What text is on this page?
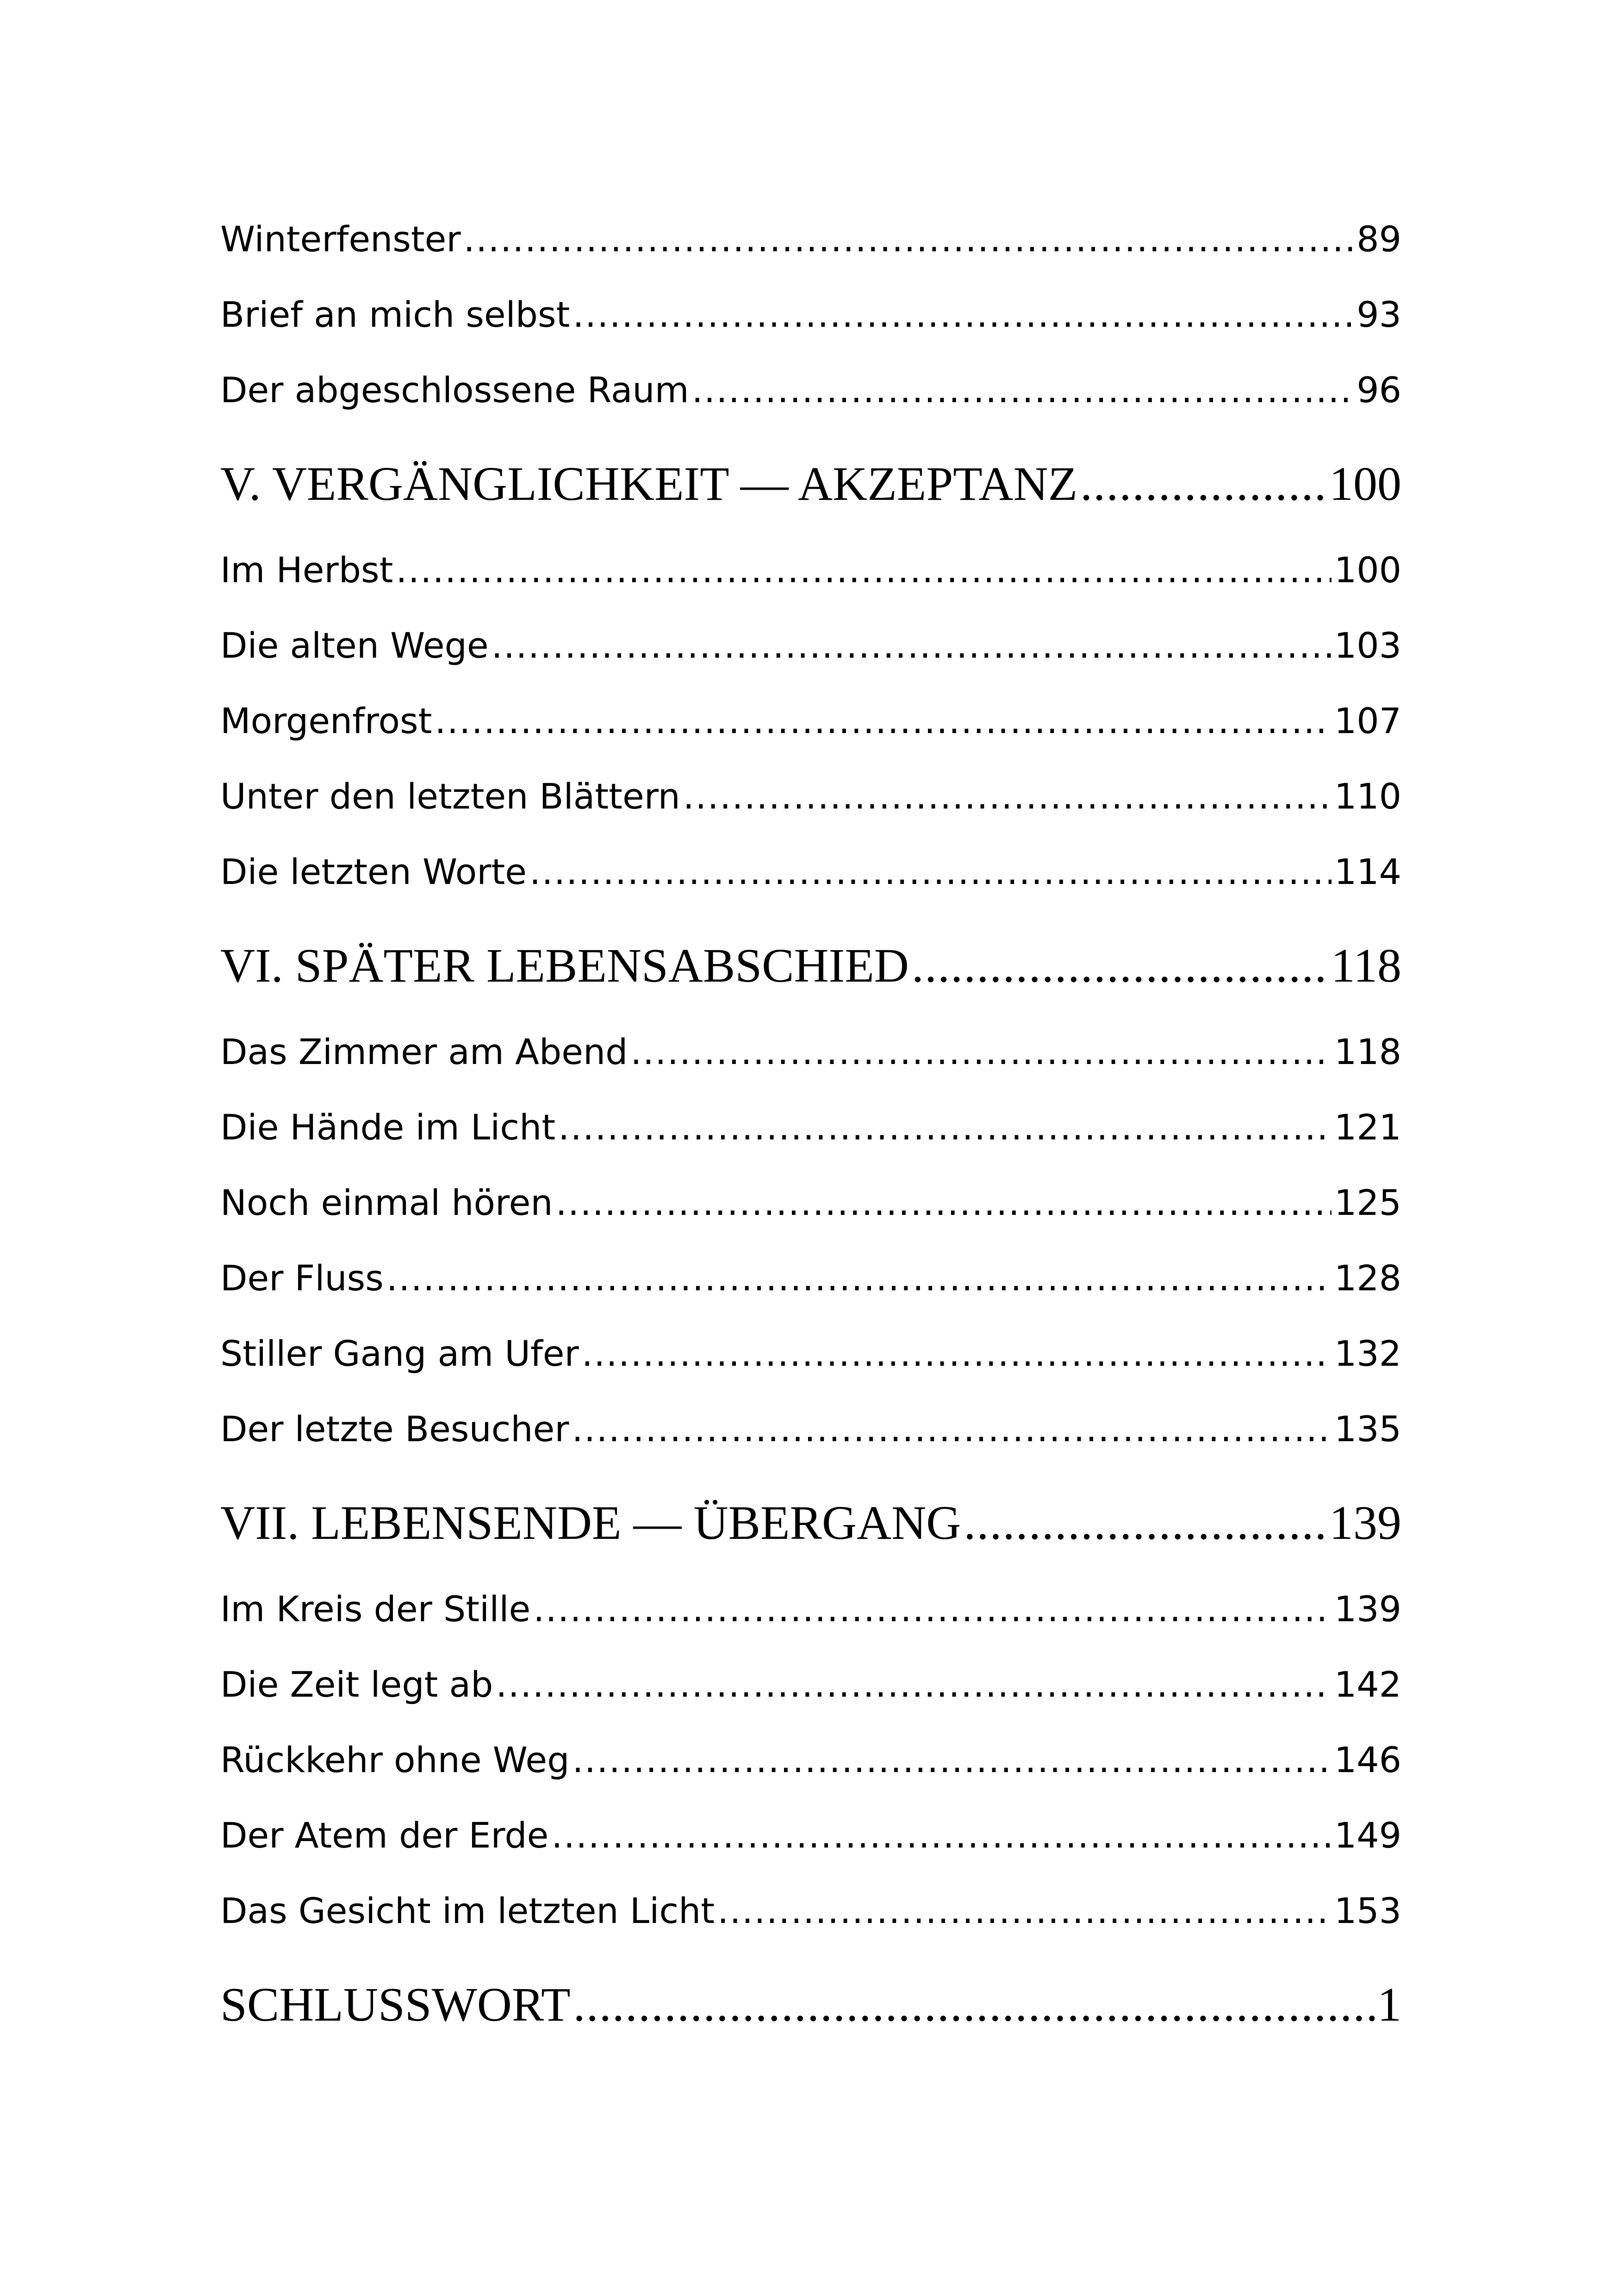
Winterfenster .....	89
Brief an mich selbst .....	93
Der abgeschlossene Raum .....	96
V. VERGÄNGLICHKEIT — AKZEPTANZ .....	100
Im Herbst .....	100
Die alten Wege .....	103
Morgenfrost .....	107
Unter den letzten Blättern .....	110
Die letzten Worte .....	114
VI. SPÄTER LEBENSABSCHIED .....	118
Das Zimmer am Abend .....	118
Die Hände im Licht .....	121
Noch einmal hören .....	125
Der Fluss .....	128
Stiller Gang am Ufer .....	132
Der letzte Besucher .....	135
VII. LEBENSENDE — ÜBERGANG .....	139
Im Kreis der Stille .....	139
Die Zeit legt ab .....	142
Rückkehr ohne Weg .....	146
Der Atem der Erde .....	149
Das Gesicht im letzten Licht .....	153
SCHLUSSWORT .....	1
